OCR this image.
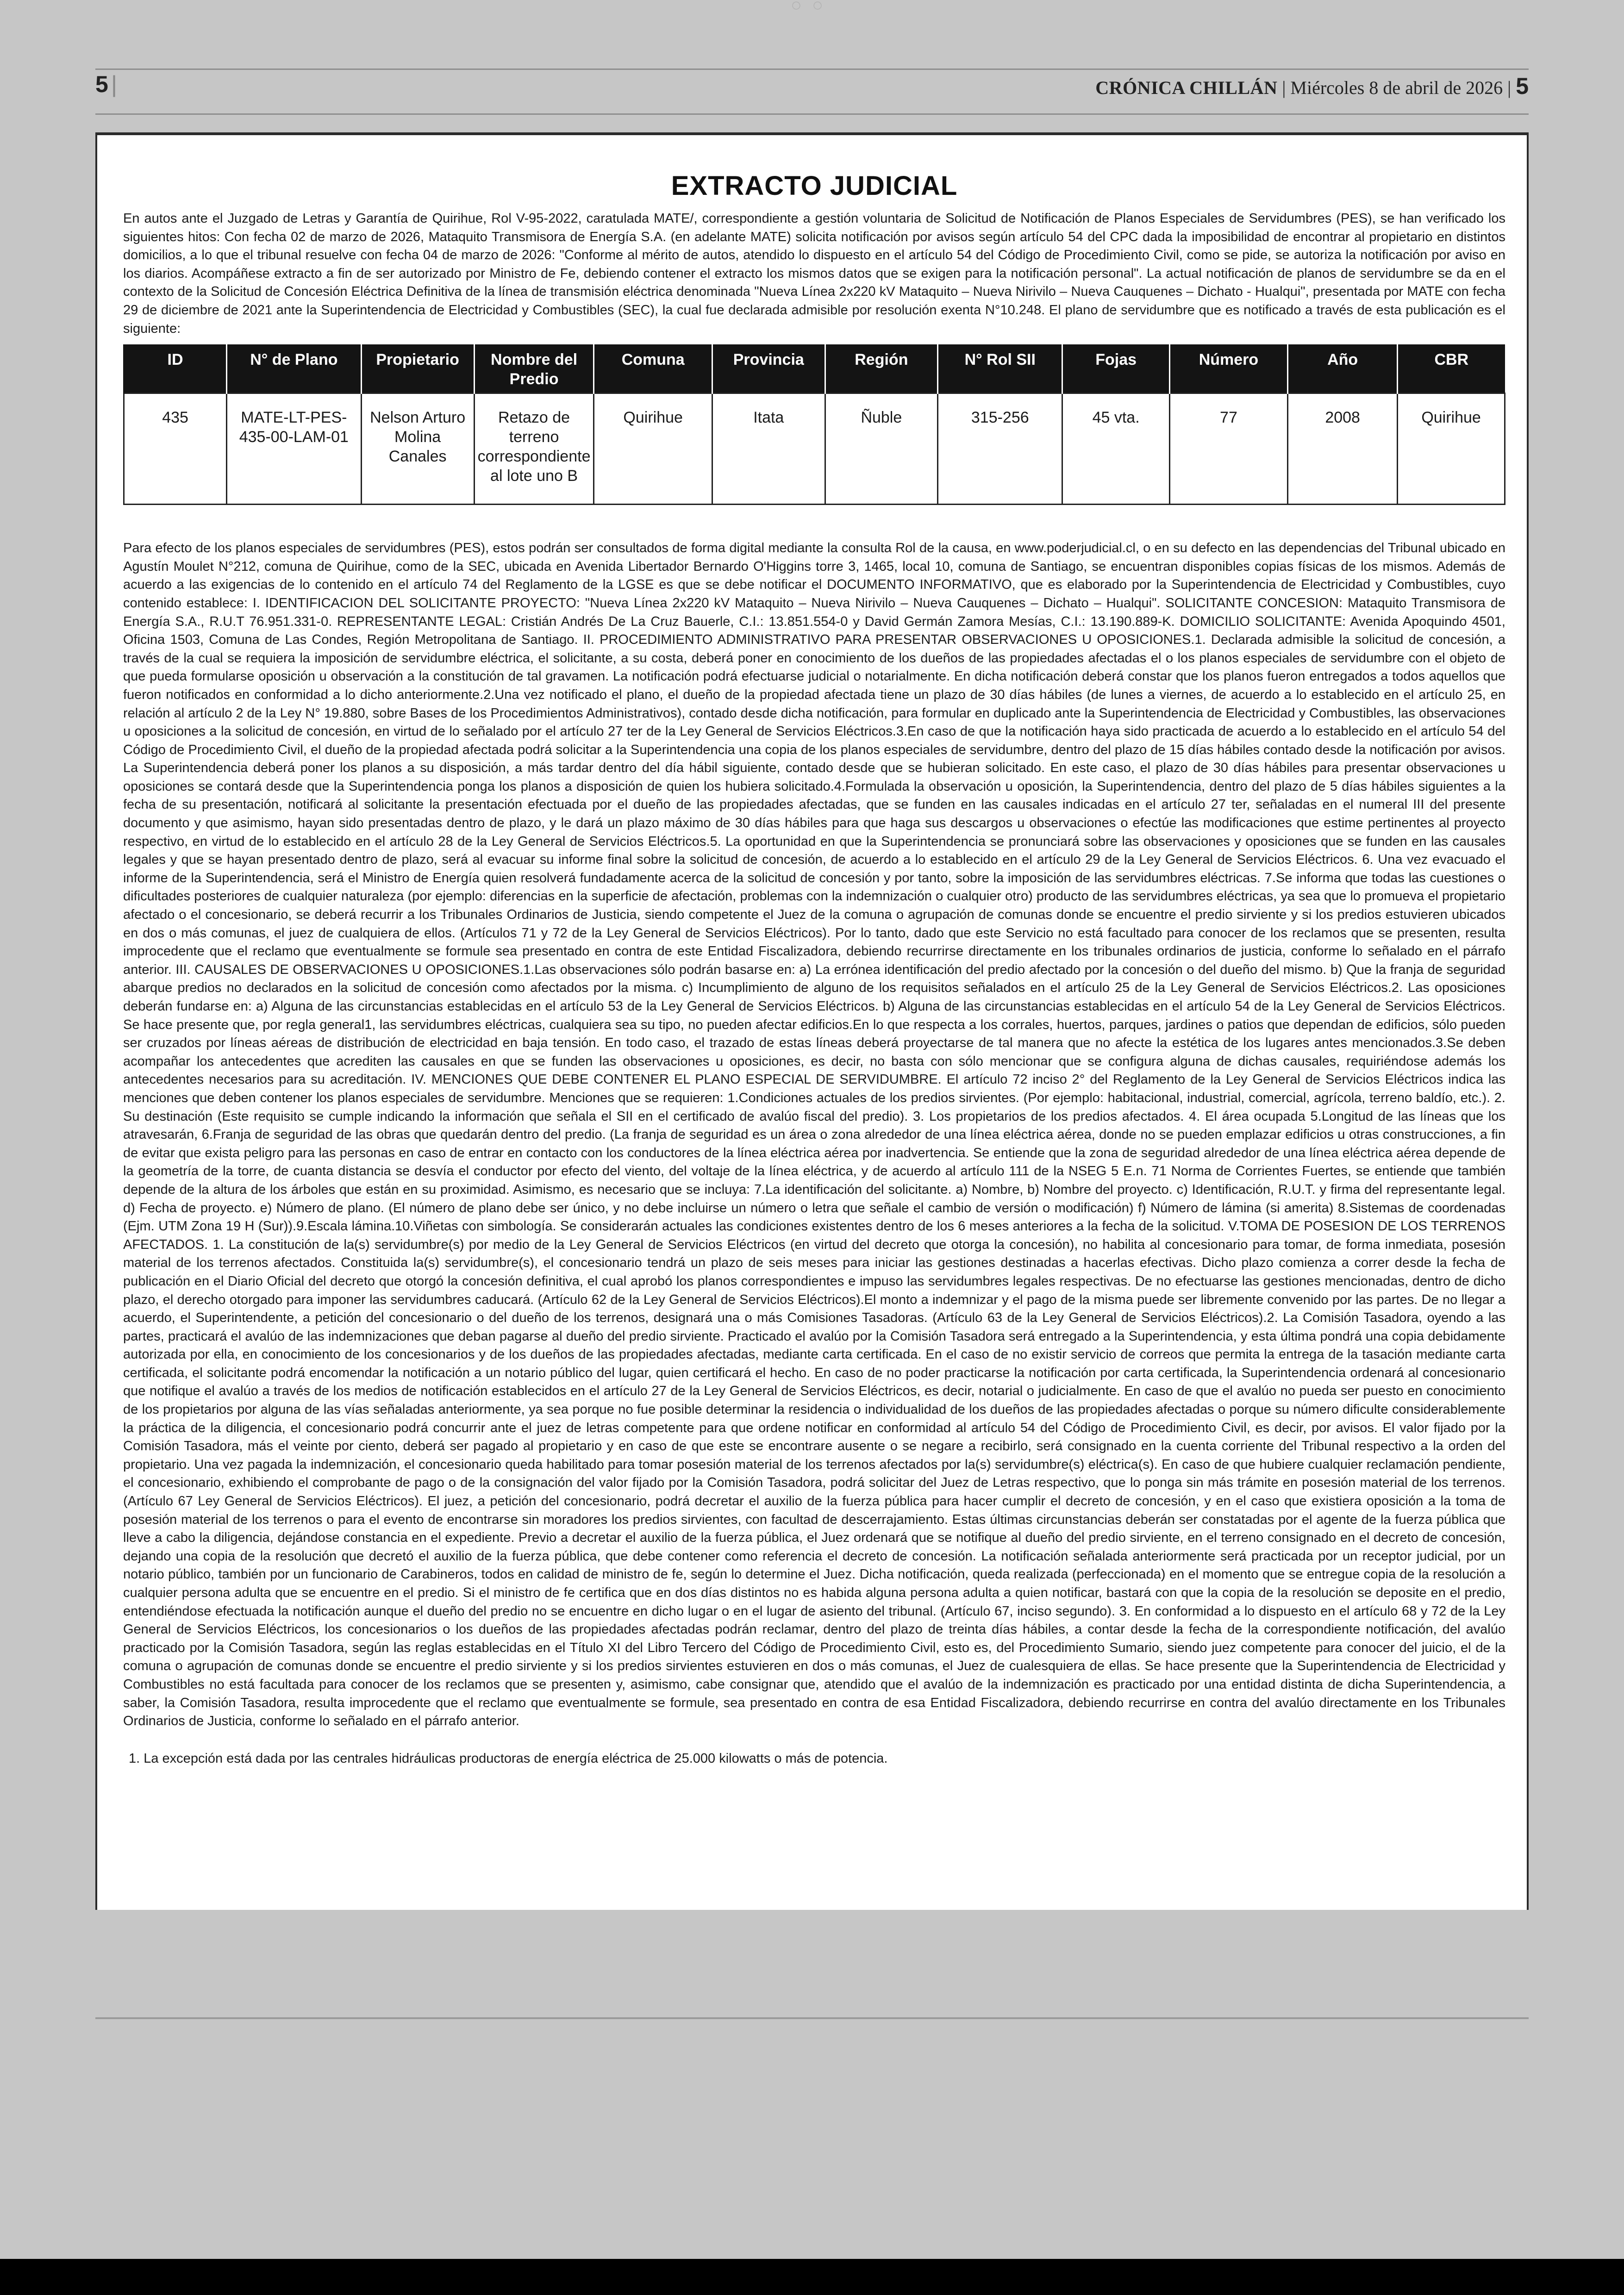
○○
5 |	CRÓNICA CHILLÁN | Miércoles 8 de abril de 2026 | 5
EXTRACTO JUDICIAL

En autos ante el Juzgado de Letras y Garantía de Quirihue, Rol V-95-2022, caratulada MATE/, correspondiente a gestión voluntaria de Solicitud de Notificación de Planos Especiales de Servidumbres (PES), se han verificado los siguientes hitos: Con fecha 02 de marzo de 2026, Mataquito Transmisora de Energía S.A. (en adelante MATE) solicita notificación por avisos según artículo 54 del CPC dada la imposibilidad de encontrar al propietario en distintos domicilios, a lo que el tribunal resuelve con fecha 04 de marzo de 2026: "Conforme al mérito de autos, atendido lo dispuesto en el artículo 54 del Código de Procedimiento Civil, como se pide, se autoriza la notificación por aviso en los diarios. Acompáñese extracto a fin de ser autorizado por Ministro de Fe, debiendo contener el extracto los mismos datos que se exigen para la notificación personal". La actual notificación de planos de servidumbre se da en el contexto de la Solicitud de Concesión Eléctrica Definitiva de la línea de transmisión eléctrica denominada "Nueva Línea 2x220 kV Mataquito – Nueva Nirivilo – Nueva Cauquenes – Dichato - Hualqui", presentada por MATE con fecha 29 de diciembre de 2021 ante la Superintendencia de Electricidad y Combustibles (SEC), la cual fue declarada admisible por resolución exenta N°10.248. El plano de servidumbre que es notificado a través de esta publicación es el siguiente:

ID	N° de Plano	Propietario	Nombre del Predio	Comuna	Provincia	Región	N° Rol SII	Fojas	Número	Año	CBR
435	MATE-LT-PES-435-00-LAM-01	Nelson Arturo Molina Canales	Retazo de terreno correspondiente al lote uno B	Quirihue	Itata	Ñuble	315-256	45 vta.	77	2008	Quirihue

Para efecto de los planos especiales de servidumbres (PES), estos podrán ser consultados de forma digital mediante la consulta Rol de la causa, en www.poderjudicial.cl, o en su defecto en las dependencias del Tribunal ubicado en Agustín Moulet N°212, comuna de Quirihue, como de la SEC, ubicada en Avenida Libertador Bernardo O'Higgins torre 3, 1465, local 10, comuna de Santiago, se encuentran disponibles copias físicas de los mismos. Además de acuerdo a las exigencias de lo contenido en el artículo 74 del Reglamento de la LGSE es que se debe notificar el DOCUMENTO INFORMATIVO, que es elaborado por la Superintendencia de Electricidad y Combustibles, cuyo contenido establece: I. IDENTIFICACION DEL SOLICITANTE PROYECTO: "Nueva Línea 2x220 kV Mataquito – Nueva Nirivilo – Nueva Cauquenes – Dichato – Hualqui". SOLICITANTE CONCESION: Mataquito Transmisora de Energía S.A., R.U.T 76.951.331-0. REPRESENTANTE LEGAL: Cristián Andrés De La Cruz Bauerle, C.I.: 13.851.554-0 y David Germán Zamora Mesías, C.I.: 13.190.889-K. DOMICILIO SOLICITANTE: Avenida Apoquindo 4501, Oficina 1503, Comuna de Las Condes, Región Metropolitana de Santiago. II. PROCEDIMIENTO ADMINISTRATIVO PARA PRESENTAR OBSERVACIONES U OPOSICIONES.1. Declarada admisible la solicitud de concesión, a través de la cual se requiera la imposición de servidumbre eléctrica, el solicitante, a su costa, deberá poner en conocimiento de los dueños de las propiedades afectadas el o los planos especiales de servidumbre con el objeto de que pueda formularse oposición u observación a la constitución de tal gravamen. La notificación podrá efectuarse judicial o notarialmente. En dicha notificación deberá constar que los planos fueron entregados a todos aquellos que fueron notificados en conformidad a lo dicho anteriormente.2.Una vez notificado el plano, el dueño de la propiedad afectada tiene un plazo de 30 días hábiles (de lunes a viernes, de acuerdo a lo establecido en el artículo 25, en relación al artículo 2 de la Ley N° 19.880, sobre Bases de los Procedimientos Administrativos), contado desde dicha notificación, para formular en duplicado ante la Superintendencia de Electricidad y Combustibles, las observaciones u oposiciones a la solicitud de concesión, en virtud de lo señalado por el artículo 27 ter de la Ley General de Servicios Eléctricos.3.En caso de que la notificación haya sido practicada de acuerdo a lo establecido en el artículo 54 del Código de Procedimiento Civil, el dueño de la propiedad afectada podrá solicitar a la Superintendencia una copia de los planos especiales de servidumbre, dentro del plazo de 15 días hábiles contado desde la notificación por avisos. La Superintendencia deberá poner los planos a su disposición, a más tardar dentro del día hábil siguiente, contado desde que se hubieran solicitado. En este caso, el plazo de 30 días hábiles para presentar observaciones u oposiciones se contará desde que la Superintendencia ponga los planos a disposición de quien los hubiera solicitado.4.Formulada la observación u oposición, la Superintendencia, dentro del plazo de 5 días hábiles siguientes a la fecha de su presentación, notificará al solicitante la presentación efectuada por el dueño de las propiedades afectadas, que se funden en las causales indicadas en el artículo 27 ter, señaladas en el numeral III del presente documento y que asimismo, hayan sido presentadas dentro de plazo, y le dará un plazo máximo de 30 días hábiles para que haga sus descargos u observaciones o efectúe las modificaciones que estime pertinentes al proyecto respectivo, en virtud de lo establecido en el artículo 28 de la Ley General de Servicios Eléctricos.5. La oportunidad en que la Superintendencia se pronunciará sobre las observaciones y oposiciones que se funden en las causales legales y que se hayan presentado dentro de plazo, será al evacuar su informe final sobre la solicitud de concesión, de acuerdo a lo establecido en el artículo 29 de la Ley General de Servicios Eléctricos. 6. Una vez evacuado el informe de la Superintendencia, será el Ministro de Energía quien resolverá fundadamente acerca de la solicitud de concesión y por tanto, sobre la imposición de las servidumbres eléctricas. 7.Se informa que todas las cuestiones o dificultades posteriores de cualquier naturaleza (por ejemplo: diferencias en la superficie de afectación, problemas con la indemnización o cualquier otro) producto de las servidumbres eléctricas, ya sea que lo promueva el propietario afectado o el concesionario, se deberá recurrir a los Tribunales Ordinarios de Justicia, siendo competente el Juez de la comuna o agrupación de comunas donde se encuentre el predio sirviente y si los predios estuvieren ubicados en dos o más comunas, el juez de cualquiera de ellos. (Artículos 71 y 72 de la Ley General de Servicios Eléctricos). Por lo tanto, dado que este Servicio no está facultado para conocer de los reclamos que se presenten, resulta improcedente que el reclamo que eventualmente se formule sea presentado en contra de este Entidad Fiscalizadora, debiendo recurrirse directamente en los tribunales ordinarios de justicia, conforme lo señalado en el párrafo anterior. III. CAUSALES DE OBSERVACIONES U OPOSICIONES.1.Las observaciones sólo podrán basarse en: a) La errónea identificación del predio afectado por la concesión o del dueño del mismo. b) Que la franja de seguridad abarque predios no declarados en la solicitud de concesión como afectados por la misma. c) Incumplimiento de alguno de los requisitos señalados en el artículo 25 de la Ley General de Servicios Eléctricos.2. Las oposiciones deberán fundarse en: a) Alguna de las circunstancias establecidas en el artículo 53 de la Ley General de Servicios Eléctricos. b) Alguna de las circunstancias establecidas en el artículo 54 de la Ley General de Servicios Eléctricos. Se hace presente que, por regla general1, las servidumbres eléctricas, cualquiera sea su tipo, no pueden afectar edificios.En lo que respecta a los corrales, huertos, parques, jardines o patios que dependan de edificios, sólo pueden ser cruzados por líneas aéreas de distribución de electricidad en baja tensión. En todo caso, el trazado de estas líneas deberá proyectarse de tal manera que no afecte la estética de los lugares antes mencionados.3.Se deben acompañar los antecedentes que acrediten las causales en que se funden las observaciones u oposiciones, es decir, no basta con sólo mencionar que se configura alguna de dichas causales, requiriéndose además los antecedentes necesarios para su acreditación. IV. MENCIONES QUE DEBE CONTENER EL PLANO ESPECIAL DE SERVIDUMBRE. El artículo 72 inciso 2° del Reglamento de la Ley General de Servicios Eléctricos indica las menciones que deben contener los planos especiales de servidumbre. Menciones que se requieren: 1.Condiciones actuales de los predios sirvientes. (Por ejemplo: habitacional, industrial, comercial, agrícola, terreno baldío, etc.). 2. Su destinación (Este requisito se cumple indicando la información que señala el SII en el certificado de avalúo fiscal del predio). 3. Los propietarios de los predios afectados. 4. El área ocupada 5.Longitud de las líneas que los atravesarán, 6.Franja de seguridad de las obras que quedarán dentro del predio. (La franja de seguridad es un área o zona alrededor de una línea eléctrica aérea, donde no se pueden emplazar edificios u otras construcciones, a fin de evitar que exista peligro para las personas en caso de entrar en contacto con los conductores de la línea eléctrica aérea por inadvertencia. Se entiende que la zona de seguridad alrededor de una línea eléctrica aérea depende de la geometría de la torre, de cuanta distancia se desvía el conductor por efecto del viento, del voltaje de la línea eléctrica, y de acuerdo al artículo 111 de la NSEG 5 E.n. 71 Norma de Corrientes Fuertes, se entiende que también depende de la altura de los árboles que están en su proximidad. Asimismo, es necesario que se incluya: 7.La identificación del solicitante. a) Nombre, b) Nombre del proyecto. c) Identificación, R.U.T. y firma del representante legal. d) Fecha de proyecto. e) Número de plano. (El número de plano debe ser único, y no debe incluirse un número o letra que señale el cambio de versión o modificación) f) Número de lámina (si amerita) 8.Sistemas de coordenadas (Ejm. UTM Zona 19 H (Sur)).9.Escala lámina.10.Viñetas con simbología. Se considerarán actuales las condiciones existentes dentro de los 6 meses anteriores a la fecha de la solicitud. V.TOMA DE POSESION DE LOS TERRENOS AFECTADOS. 1. La constitución de la(s) servidumbre(s) por medio de la Ley General de Servicios Eléctricos (en virtud del decreto que otorga la concesión), no habilita al concesionario para tomar, de forma inmediata, posesión material de los terrenos afectados. Constituida la(s) servidumbre(s), el concesionario tendrá un plazo de seis meses para iniciar las gestiones destinadas a hacerlas efectivas. Dicho plazo comienza a correr desde la fecha de publicación en el Diario Oficial del decreto que otorgó la concesión definitiva, el cual aprobó los planos correspondientes e impuso las servidumbres legales respectivas. De no efectuarse las gestiones mencionadas, dentro de dicho plazo, el derecho otorgado para imponer las servidumbres caducará. (Artículo 62 de la Ley General de Servicios Eléctricos).El monto a indemnizar y el pago de la misma puede ser libremente convenido por las partes. De no llegar a acuerdo, el Superintendente, a petición del concesionario o del dueño de los terrenos, designará una o más Comisiones Tasadoras. (Artículo 63 de la Ley General de Servicios Eléctricos).2. La Comisión Tasadora, oyendo a las partes, practicará el avalúo de las indemnizaciones que deban pagarse al dueño del predio sirviente. Practicado el avalúo por la Comisión Tasadora será entregado a la Superintendencia, y esta última pondrá una copia debidamente autorizada por ella, en conocimiento de los concesionarios y de los dueños de las propiedades afectadas, mediante carta certificada. En el caso de no existir servicio de correos que permita la entrega de la tasación mediante carta certificada, el solicitante podrá encomendar la notificación a un notario público del lugar, quien certificará el hecho. En caso de no poder practicarse la notificación por carta certificada, la Superintendencia ordenará al concesionario que notifique el avalúo a través de los medios de notificación establecidos en el artículo 27 de la Ley General de Servicios Eléctricos, es decir, notarial o judicialmente. En caso de que el avalúo no pueda ser puesto en conocimiento de los propietarios por alguna de las vías señaladas anteriormente, ya sea porque no fue posible determinar la residencia o individualidad de los dueños de las propiedades afectadas o porque su número dificulte considerablemente la práctica de la diligencia, el concesionario podrá concurrir ante el juez de letras competente para que ordene notificar en conformidad al artículo 54 del Código de Procedimiento Civil, es decir, por avisos. El valor fijado por la Comisión Tasadora, más el veinte por ciento, deberá ser pagado al propietario y en caso de que este se encontrare ausente o se negare a recibirlo, será consignado en la cuenta corriente del Tribunal respectivo a la orden del propietario. Una vez pagada la indemnización, el concesionario queda habilitado para tomar posesión material de los terrenos afectados por la(s) servidumbre(s) eléctrica(s). En caso de que hubiere cualquier reclamación pendiente, el concesionario, exhibiendo el comprobante de pago o de la consignación del valor fijado por la Comisión Tasadora, podrá solicitar del Juez de Letras respectivo, que lo ponga sin más trámite en posesión material de los terrenos. (Artículo 67 Ley General de Servicios Eléctricos). El juez, a petición del concesionario, podrá decretar el auxilio de la fuerza pública para hacer cumplir el decreto de concesión, y en el caso que existiera oposición a la toma de posesión material de los terrenos o para el evento de encontrarse sin moradores los predios sirvientes, con facultad de descerrajamiento. Estas últimas circunstancias deberán ser constatadas por el agente de la fuerza pública que lleve a cabo la diligencia, dejándose constancia en el expediente. Previo a decretar el auxilio de la fuerza pública, el Juez ordenará que se notifique al dueño del predio sirviente, en el terreno consignado en el decreto de concesión, dejando una copia de la resolución que decretó el auxilio de la fuerza pública, que debe contener como referencia el decreto de concesión. La notificación señalada anteriormente será practicada por un receptor judicial, por un notario público, también por un funcionario de Carabineros, todos en calidad de ministro de fe, según lo determine el Juez. Dicha notificación, queda realizada (perfeccionada) en el momento que se entregue copia de la resolución a cualquier persona adulta que se encuentre en el predio. Si el ministro de fe certifica que en dos días distintos no es habida alguna persona adulta a quien notificar, bastará con que la copia de la resolución se deposite en el predio, entendiéndose efectuada la notificación aunque el dueño del predio no se encuentre en dicho lugar o en el lugar de asiento del tribunal. (Artículo 67, inciso segundo). 3. En conformidad a lo dispuesto en el artículo 68 y 72 de la Ley General de Servicios Eléctricos, los concesionarios o los dueños de las propiedades afectadas podrán reclamar, dentro del plazo de treinta días hábiles, a contar desde la fecha de la correspondiente notificación, del avalúo practicado por la Comisión Tasadora, según las reglas establecidas en el Título XI del Libro Tercero del Código de Procedimiento Civil, esto es, del Procedimiento Sumario, siendo juez competente para conocer del juicio, el de la comuna o agrupación de comunas donde se encuentre el predio sirviente y si los predios sirvientes estuvieren en dos o más comunas, el Juez de cualesquiera de ellas. Se hace presente que la Superintendencia de Electricidad y Combustibles no está facultada para conocer de los reclamos que se presenten y, asimismo, cabe consignar que, atendido que el avalúo de la indemnización es practicado por una entidad distinta de dicha Superintendencia, a saber, la Comisión Tasadora, resulta improcedente que el reclamo que eventualmente se formule, sea presentado en contra de esa Entidad Fiscalizadora, debiendo recurrirse en contra del avalúo directamente en los Tribunales Ordinarios de Justicia, conforme lo señalado en el párrafo anterior.

1. La excepción está dada por las centrales hidráulicas productoras de energía eléctrica de 25.000 kilowatts o más de potencia.
